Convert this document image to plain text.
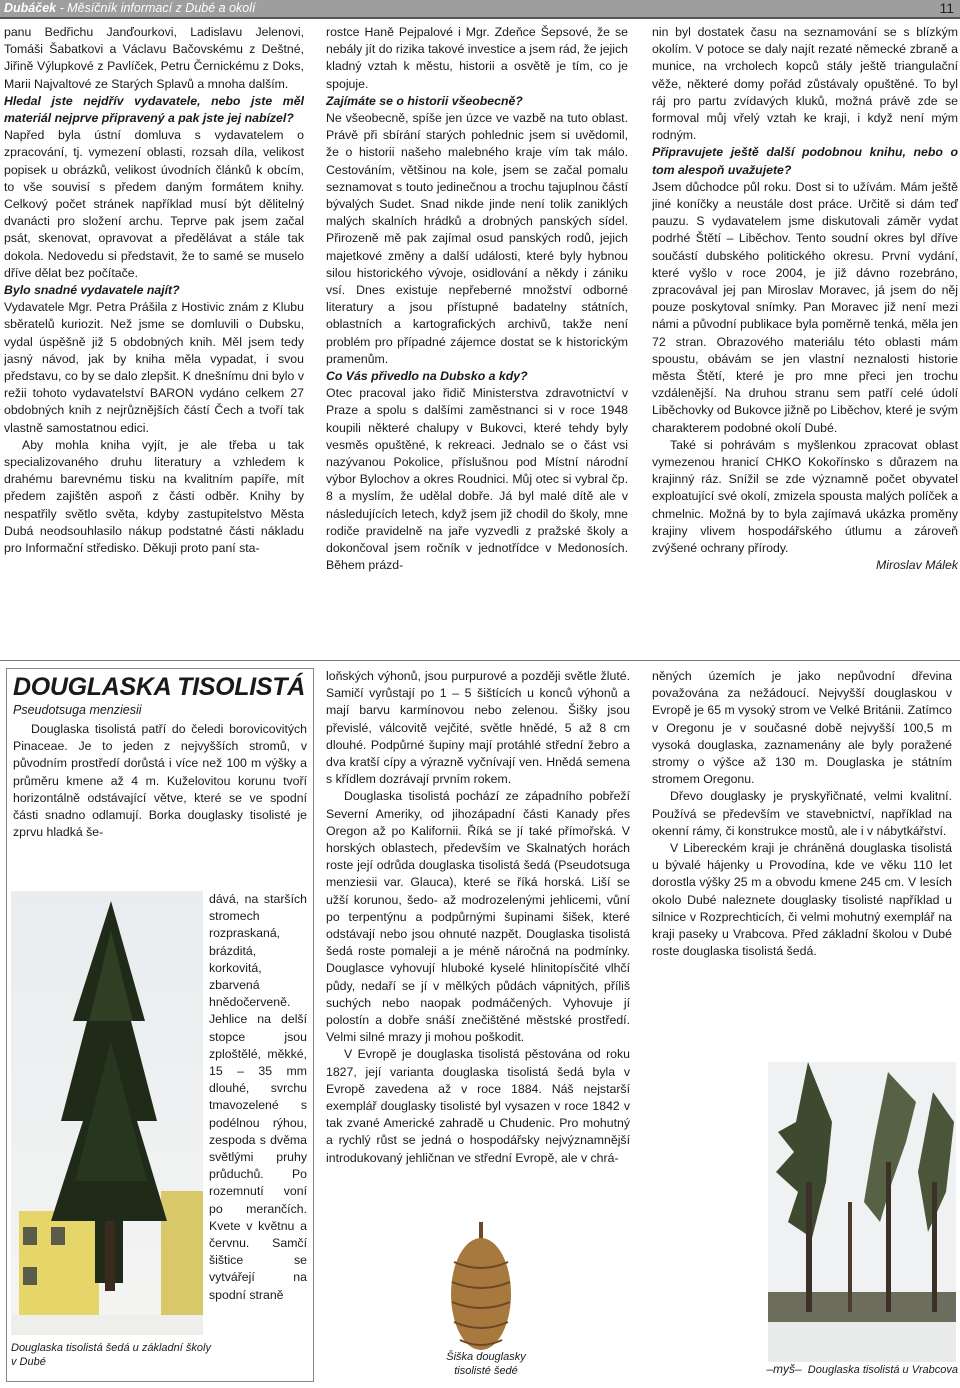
Dubáček - Měsíčník informací z Dubé a okolí	11

panu Bedřichu Janďourkovi, Ladislavu Jelenovi, Tomáši Šabatkovi a Václavu Bačovskému z Deštné, Jiřině Výlupkové z Pavlíček, Petru Černickému z Doks, Marii Najvaltové ze Starých Splavů a mnoha dalším.

Hledal jste nejdřív vydavatele, nebo jste měl materiál nejprve připravený a pak jste jej nabízel?

Napřed byla ústní domluva s vydavatelem o zpracování, tj. vymezení oblasti, rozsah díla, velikost popisek u obrázků, velikost úvodních článků k obcím, to vše souvisí s předem daným formátem knihy. Celkový počet stránek například musí být dělitelný dvanácti pro složení archu. Teprve pak jsem začal psát, skenovat, opravovat a předělávat a stále tak dokola. Nedovedu si představit, že to samé se muselo dříve dělat bez počítače.

Bylo snadné vydavatele najít?

Vydavatele Mgr. Petra Prášila z Hostivic znám z Klubu sběratelů kuriozit. Než jsme se domluvili o Dubsku, vydal úspěšně již 5 obdobných knih. Měl jsem tedy jasný návod, jak by kniha měla vypadat, i svou představu, co by se dalo zlepšit. K dnešnímu dni bylo v režii tohoto vydavatelství BARON vydáno celkem 27 obdobných knih z nejrůznějších částí Čech a tvoří tak vlastně samostatnou edici.

Aby mohla kniha vyjít, je ale třeba u tak specializovaného druhu literatury a vzhledem k drahému barevnému tisku na kvalitním papíře, mít předem zajištěn aspoň z části odběr. Knihy by nespatřily světlo světa, kdyby zastupitelstvo Města Dubá neodsouhlasilo nákup podstatné části nákladu pro Informační středisko. Děkuji proto paní sta-

rostce Haně Pejpalové i Mgr. Zdeňce Šepsové, že se nebály jít do rizika takové investice a jsem rád, že jejich kladný vztah k městu, historii a osvětě je tím, co je spojuje.

Zajímáte se o historii všeobecně?

Ne všeobecně, spíše jen úzce ve vazbě na tuto oblast. Právě při sbírání starých pohlednic jsem si uvědomil, že o historii našeho malebného kraje vím tak málo. Cestováním, většinou na kole, jsem se začal pomalu seznamovat s touto jedinečnou a trochu tajuplnou částí bývalých Sudet. Snad nikde jinde není tolik zaniklých malých skalních hrádků a drobných panských sídel. Přirozeně mě pak zajímal osud panských rodů, jejich majetkové změny a další události, které byly hybnou silou historického vývoje, osidlování a někdy i zániku vsí. Dnes existuje nepřeberné množství odborné literatury a jsou přístupné badatelny státních, oblastních a kartografických archivů, takže není problém pro případné zájemce dostat se k historickým pramenům.

Co Vás přivedlo na Dubsko a kdy?

Otec pracoval jako řidič Ministerstva zdravotnictví v Praze a spolu s dalšími zaměstnanci si v roce 1948 koupili některé chalupy v Bukovci, které tehdy byly vesměs opuštěné, k rekreaci. Jednalo se o část vsi nazývanou Pokolice, příslušnou pod Místní národní výbor Bylochov a okres Roudnici. Můj otec si vybral čp. 8 a myslím, že udělal dobře. Já byl malé dítě ale v následujících letech, když jsem již chodil do školy, mne rodiče pravidelně na jaře vyzvedli z pražské školy a dokončoval jsem ročník v jednotřídce v Medonosích. Během prázd-

nin byl dostatek času na seznamování se s blízkým okolím. V potoce se daly najít rezaté německé zbraně a munice, na vrcholech kopců stály ještě triangulační věže, některé domy pořád zůstávaly opuštěné. To byl ráj pro partu zvídavých kluků, možná právě zde se formoval můj vřelý vztah ke kraji, i když není mým rodným.

Připravujete ještě další podobnou knihu, nebo o tom alespoň uvažujete?

Jsem důchodce půl roku. Dost si to užívám. Mám ještě jiné koníčky a neustále dost práce. Určitě si dám teď pauzu. S vydavatelem jsme diskutovali záměr vydat podrhé Štětí – Liběchov. Tento soudní okres byl dříve součástí dubského politického okresu. První vydání, které vyšlo v roce 2004, je již dávno rozebráno, zpracovával jej pan Miroslav Moravec, já jsem do něj pouze poskytoval snímky. Pan Moravec již není mezi námi a původní publikace byla poměrně tenká, měla jen 72 stran. Obrazového materiálu této oblasti mám spoustu, obávám se jen vlastní neznalosti historie města Štětí, které je pro mne přeci jen trochu vzdálenější. Na druhou stranu sem patří celé údolí Liběchovky od Bukovce jižně po Liběchov, které je svým charakterem podobné okolí Dubé.

Také si pohrávám s myšlenkou zpracovat oblast vymezenou hranicí CHKO Kokořínsko s důrazem na krajinný ráz. Snížil se zde významně počet obyvatel exploatující své okolí, zmizela spousta malých políček a chmelnic. Možná by to byla zajímavá ukázka proměny krajiny vlivem hospodářského útlumu a zároveň zvýšené ochrany přírody.

Miroslav Málek

DOUGLASKA TISOLISTÁ
Pseudotsuga menziesii
Douglaska tisolistá patří do čeledi borovicovitých Pinaceae. Je to jeden z nejvyšších stromů, v původním prostředí dorůstá i více než 100 m výšky a průměru kmene až 4 m. Kuželovitou korunu tvoří horizontálně odstávající větve, které se ve spodní části snadno odlamují. Borka douglasky tisolisté je zprvu hladká še-
dává, na starších stromech rozpraskaná, brázditá, korkovitá, zbarvená hnědočerveně. Jehlice na delší stopce jsou zploštělé, měkké, 15 – 35 mm dlouhé, svrchu tmavozelené s podélnou rýhou, zespoda s dvěma světlými pruhy průduchů. Po rozemnutí voní po merančích. Kvete v květnu a červnu. Samčí šištice se vytvářejí na spodní straně
Douglaska tisolistá šedá u základní školy v Dubé

loňských výhonů, jsou purpurové a později světle žluté. Samičí vyrůstají po 1 – 5 šištících u konců výhonů a mají barvu karmínovou nebo zelenou. Šišky jsou převislé, válcovitě vejčité, světle hnědé, 5 až 8 cm dlouhé. Podpůrné šupiny mají protáhlé střední žebro a dva kratší cípy a výrazně vyčnívají ven. Hnědá semena s křídlem dozrávají prvním rokem.

Douglaska tisolistá pochází ze západního pobřeží Severní Ameriky, od jihozápadní části Kanady přes Oregon až po Kalifornii. Říká se jí také přímořská. V horských oblastech, především ve Skalnatých horách roste její odrůda douglaska tisolistá šedá (Pseudotsuga menziesii var. Glauca), které se říká horská. Liší se užší korunou, šedo- až modrozelenými jehlicemi, vůní po terpentýnu a podpůrnými šupinami šišek, které odstávají nebo jsou ohnuté nazpět. Douglaska tisolistá šedá roste pomaleji a je méně náročná na podmínky. Douglasce vyhovují hluboké kyselé hlinitopísčité vlhčí půdy, nedaří se jí v mělkých půdách vápnitých, příliš suchých nebo naopak podmáčených. Vyhovuje jí polostín a dobře snáší znečištěné městské prostředí. Velmi silné mrazy ji mohou poškodit.

V Evropě je douglaska tisolistá pěstována od roku 1827, její varianta douglaska tisolistá šedá byla v Evropě zavedena až v roce 1884. Náš nejstarší exemplář douglasky tisolisté byl vysazen v roce 1842 v tak zvané Americké zahradě u Chudenic. Pro mohutný a rychlý růst se jedná o hospodářsky nejvýznamnější introdukovaný jehličnan ve střední Evropě, ale v chrá-

něných územích je jako nepůvodní dřevina považována za nežádoucí. Nejvyšší douglaskou v Evropě je 65 m vysoký strom ve Velké Británii. Zatímco v Oregonu je v současné době nejvyšší 100,5 m vysoká douglaska, zaznamenány ale byly poražené stromy o výšce až 130 m. Douglaska je státním stromem Oregonu.

Dřevo douglasky je pryskyřičnaté, velmi kvalitní. Používá se především ve stavebnictví, například na okenní rámy, či konstrukce mostů, ale i v nábytkářství.

V Libereckém kraji je chráněná douglaska tisolistá u bývalé hájenky u Provodína, kde ve věku 110 let dorostla výšky 25 m a obvodu kmene 245 cm. V lesích okolo Dubé naleznete douglasky tisolisté například u silnice v Rozprechticích, či velmi mohutný exemplář na kraji paseky u Vrabcova. Před základní školou v Dubé roste douglaska tisolistá šedá.

Šiška douglasky tisolisté šedé	–myš– Douglaska tisolistá u Vrabcova
